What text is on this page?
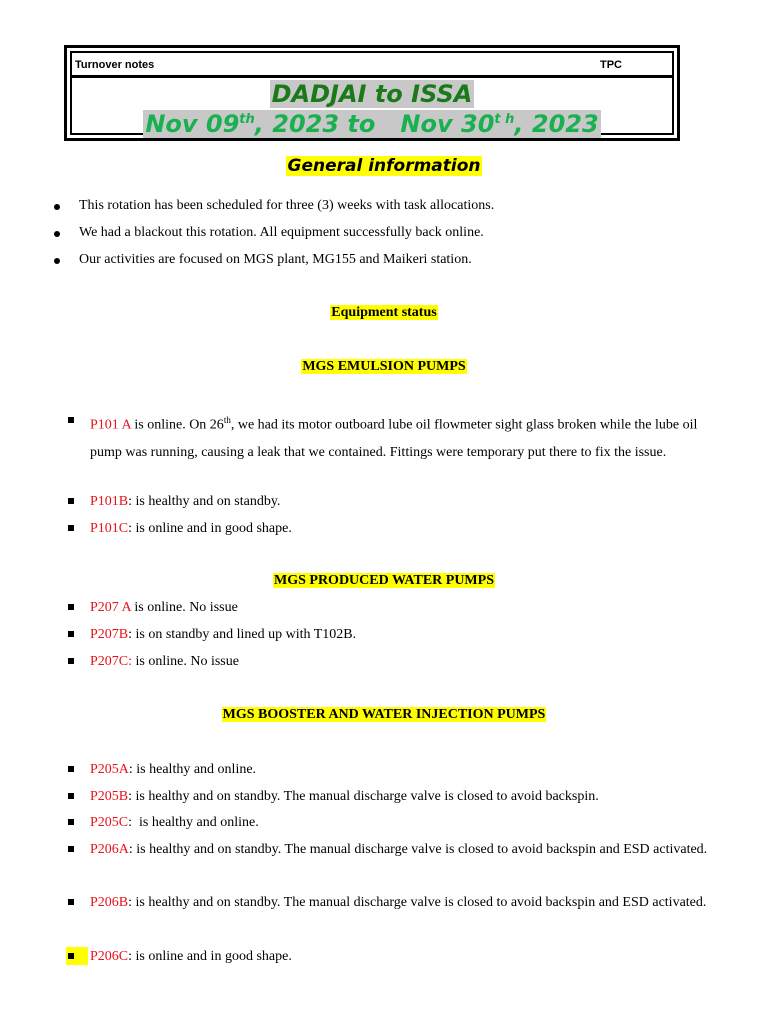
Turnover notes	TPC
DADJAI to ISSA
Nov 09th, 2023 to   Nov $30^{t h}$, 2023
General information
This rotation has been scheduled for three (3) weeks with task allocations.
We had a blackout this rotation. All equipment successfully back online.
Our activities are focused on MGS plant, MG155 and Maikeri station.
Equipment status
MGS EMULSION PUMPS
P101 A is online. On 26th, we had its motor outboard lube oil flowmeter sight glass broken while the lube oil pump was running, causing a leak that we contained. Fittings were temporary put there to fix the issue.
P101B: is healthy and on standby.
P101C: is online and in good shape.
MGS PRODUCED WATER PUMPS
P207 A is online. No issue
P207B: is on standby and lined up with T102B.
P207C: is online. No issue
MGS BOOSTER AND WATER INJECTION PUMPS
P205A: is healthy and online.
P205B: is healthy and on standby. The manual discharge valve is closed to avoid backspin.
P205C:  is healthy and online.
P206A: is healthy and on standby. The manual discharge valve is closed to avoid backspin and ESD activated.
P206B: is healthy and on standby. The manual discharge valve is closed to avoid backspin and ESD activated.
P206C: is online and in good shape.
